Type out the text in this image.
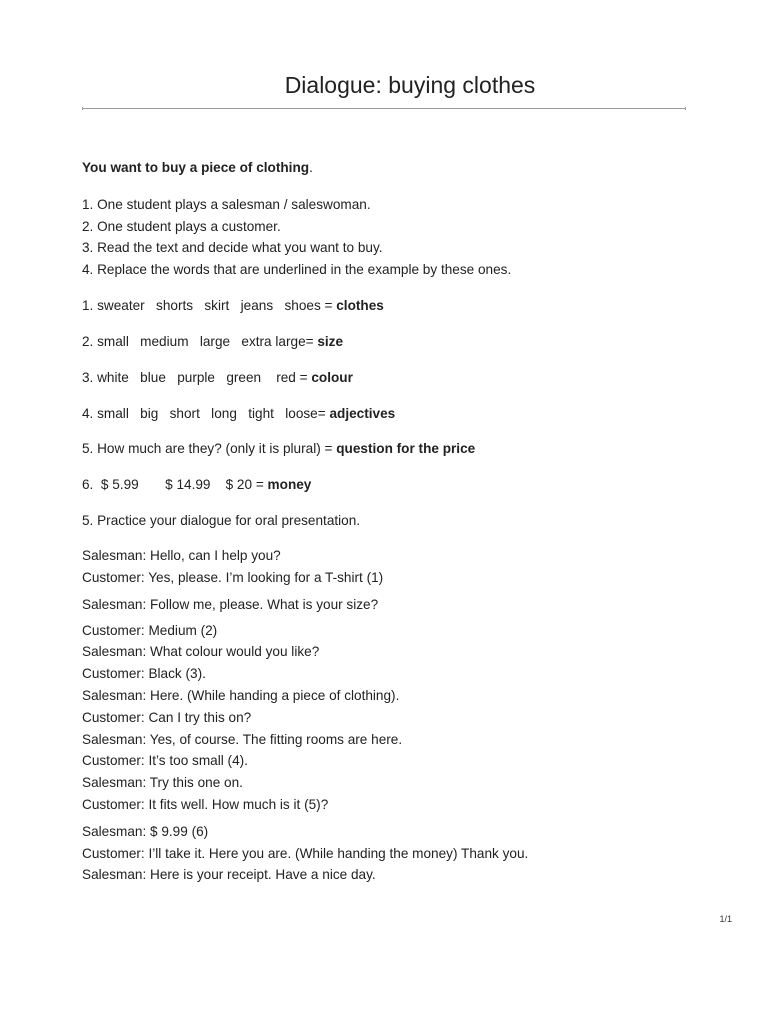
Dialogue: buying clothes
You want to buy a piece of clothing.
1. One student plays a salesman / saleswoman.
2. One student plays a customer.
3. Read the text and decide what you want to buy.
4. Replace the words that are underlined in the example by these ones.
1. sweater   shorts   skirt   jeans   shoes = clothes
2. small   medium   large   extra large= size
3. white   blue   purple   green    red = colour
4. small   big   short   long   tight   loose= adjectives
5. How much are they? (only it is plural) = question for the price
6.  $ 5.99       $ 14.99    $ 20 = money
5. Practice your dialogue for oral presentation.
Salesman: Hello, can I help you?
Customer: Yes, please. I’m looking for a T-shirt (1)
Salesman: Follow me, please. What is your size?
Customer: Medium (2)
Salesman: What colour would you like?
Customer: Black (3).
Salesman: Here. (While handing a piece of clothing).
Customer: Can I try this on?
Salesman: Yes, of course. The fitting rooms are here.
Customer: It’s too small (4).
Salesman: Try this one on.
Customer: It fits well. How much is it (5)?
Salesman: $ 9.99 (6)
Customer: I’ll take it. Here you are. (While handing the money) Thank you.
Salesman: Here is your receipt. Have a nice day.
1/1
